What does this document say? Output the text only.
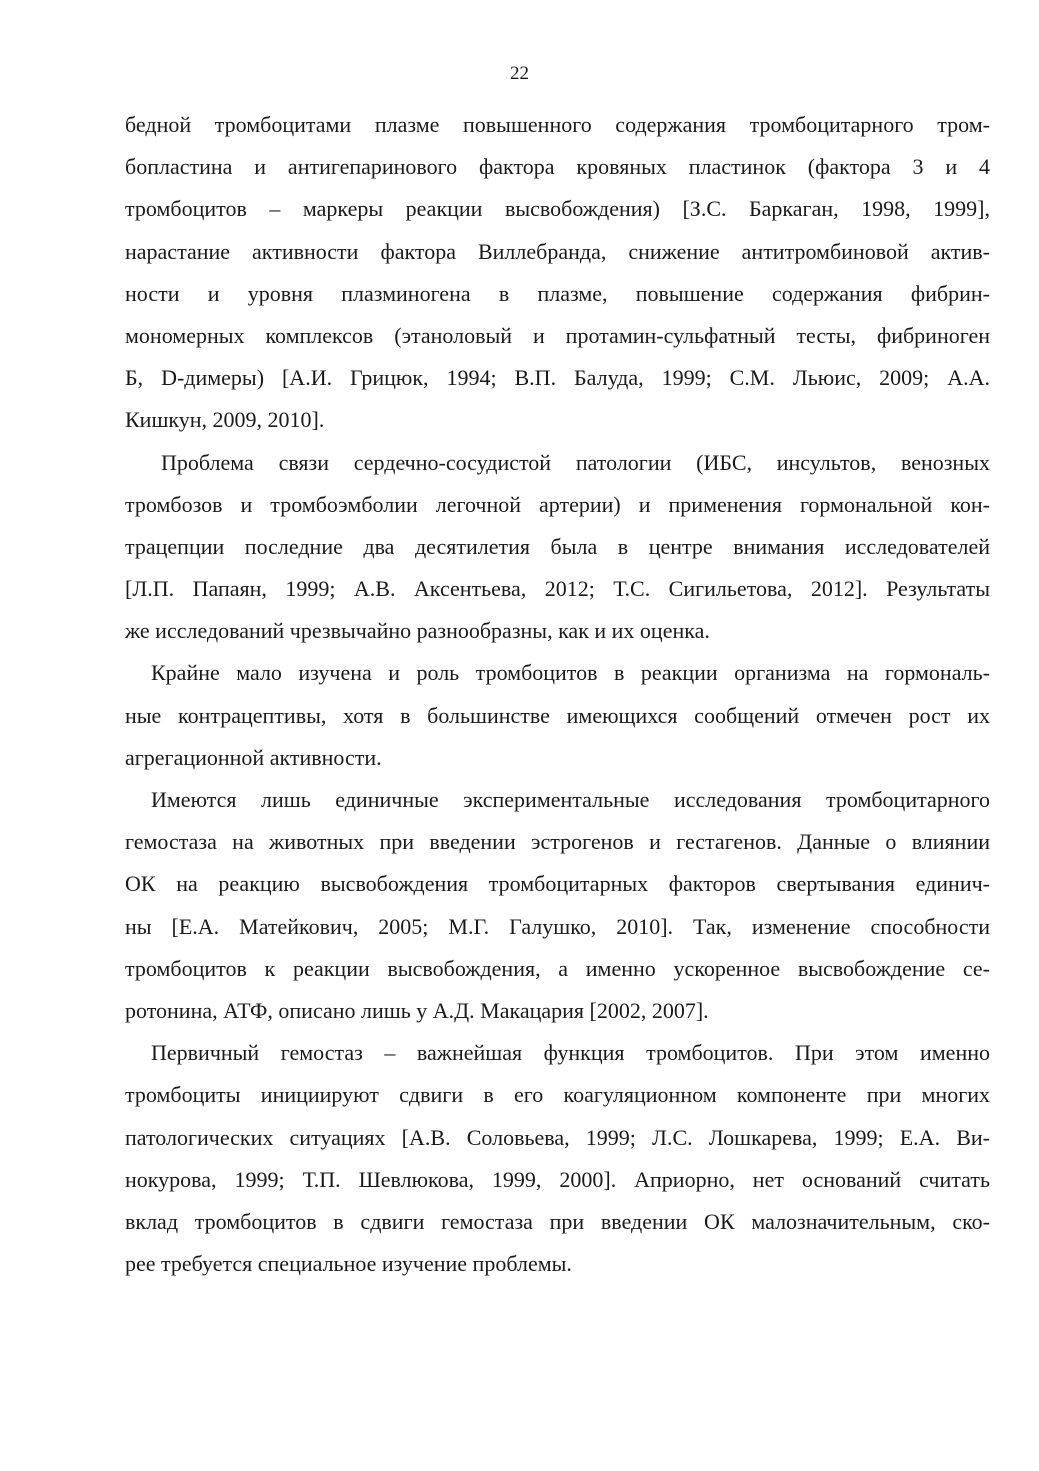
22
бедной тромбоцитами плазме повышенного содержания тромбоцитарного тром-
бопластина и антигепаринового фактора кровяных пластинок (фактора 3 и 4
тромбоцитов – маркеры реакции высвобождения) [З.С. Баркаган, 1998, 1999],
нарастание активности фактора Виллебранда, снижение антитромбиновой актив-
ности и уровня плазминогена в плазме, повышение содержания фибрин-
мономерных комплексов (этаноловый и протамин-сульфатный тесты, фибриноген
Б, D-димеры) [А.И. Грицюк, 1994; В.П. Балуда, 1999; С.М. Льюис, 2009; А.А.
Кишкун, 2009, 2010].
Проблема связи сердечно-сосудистой патологии (ИБС, инсультов, венозных
тромбозов и тромбоэмболии легочной артерии) и применения гормональной кон-
трацепции последние два десятилетия была в центре внимания исследователей
[Л.П. Папаян, 1999; А.В. Аксентьева, 2012; Т.С. Сигильетова, 2012]. Результаты
же исследований чрезвычайно разнообразны, как и их оценка.
Крайне мало изучена и роль тромбоцитов в реакции организма на гормональ-
ные контрацептивы, хотя в большинстве имеющихся сообщений отмечен рост их
агрегационной активности.
Имеются лишь единичные экспериментальные исследования тромбоцитарного
гемостаза на животных при введении эстрогенов и гестагенов. Данные о влиянии
ОК на реакцию высвобождения тромбоцитарных факторов свертывания единич-
ны [Е.А. Матейкович, 2005; М.Г. Галушко, 2010]. Так, изменение способности
тромбоцитов к реакции высвобождения, а именно ускоренное высвобождение се-
ротонина, АТФ, описано лишь у А.Д. Макацария [2002, 2007].
Первичный гемостаз – важнейшая функция тромбоцитов. При этом именно
тромбоциты инициируют сдвиги в его коагуляционном компоненте при многих
патологических ситуациях [А.В. Соловьева, 1999; Л.С. Лошкарева, 1999; Е.А. Ви-
нокурова, 1999; Т.П. Шевлюкова, 1999, 2000]. Априорно, нет оснований считать
вклад тромбоцитов в сдвиги гемостаза при введении ОК малозначительным, ско-
рее требуется специальное изучение проблемы.
